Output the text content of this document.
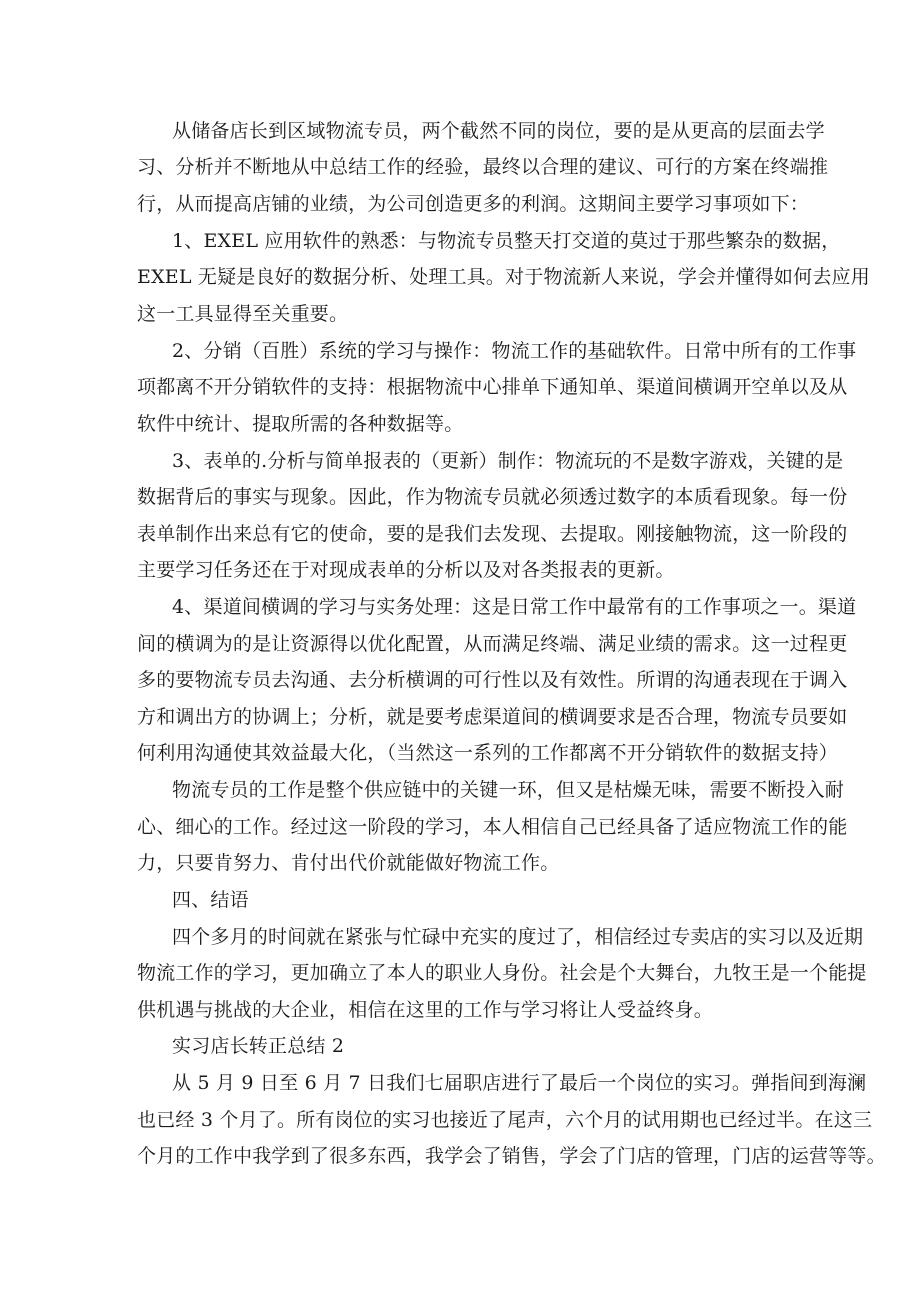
从储备店长到区域物流专员，两个截然不同的岗位，要的是从更高的层面去学
习、分析并不断地从中总结工作的经验，最终以合理的建议、可行的方案在终端推
行，从而提高店铺的业绩，为公司创造更多的利润。这期间主要学习事项如下：
1、EXEL 应用软件的熟悉：与物流专员整天打交道的莫过于那些繁杂的数据，
EXEL 无疑是良好的数据分析、处理工具。对于物流新人来说，学会并懂得如何去应用
这一工具显得至关重要。
2、分销（百胜）系统的学习与操作：物流工作的基础软件。日常中所有的工作事
项都离不开分销软件的支持：根据物流中心排单下通知单、渠道间横调开空单以及从
软件中统计、提取所需的各种数据等。
3、表单的.分析与简单报表的（更新）制作：物流玩的不是数字游戏，关键的是
数据背后的事实与现象。因此，作为物流专员就必须透过数字的本质看现象。每一份
表单制作出来总有它的使命，要的是我们去发现、去提取。刚接触物流，这一阶段的
主要学习任务还在于对现成表单的分析以及对各类报表的更新。
4、渠道间横调的学习与实务处理：这是日常工作中最常有的工作事项之一。渠道
间的横调为的是让资源得以优化配置，从而满足终端、满足业绩的需求。这一过程更
多的要物流专员去沟通、去分析横调的可行性以及有效性。所谓的沟通表现在于调入
方和调出方的协调上；分析，就是要考虑渠道间的横调要求是否合理，物流专员要如
何利用沟通使其效益最大化，（当然这一系列的工作都离不开分销软件的数据支持）
物流专员的工作是整个供应链中的关键一环，但又是枯燥无味，需要不断投入耐
心、细心的工作。经过这一阶段的学习，本人相信自己已经具备了适应物流工作的能
力，只要肯努力、肯付出代价就能做好物流工作。
四、结语
四个多月的时间就在紧张与忙碌中充实的度过了，相信经过专卖店的实习以及近期
物流工作的学习，更加确立了本人的职业人身份。社会是个大舞台，九牧王是一个能提
供机遇与挑战的大企业，相信在这里的工作与学习将让人受益终身。
实习店长转正总结 2
从 5 月 9 日至 6 月 7 日我们七届职店进行了最后一个岗位的实习。弹指间到海澜
也已经 3 个月了。所有岗位的实习也接近了尾声，六个月的试用期也已经过半。在这三
个月的工作中我学到了很多东西，我学会了销售，学会了门店的管理，门店的运营等等。
